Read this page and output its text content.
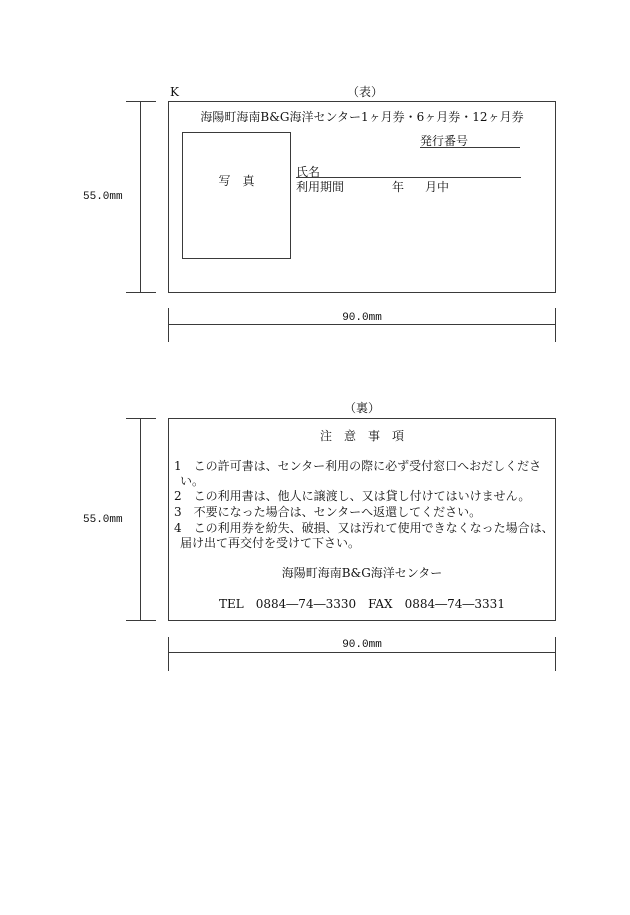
K	（表）
海陽町海南B&G海洋センター1ヶ月券・6ヶ月券・12ヶ月券
発行番号
写　真
氏名
利用期間	年 月中
55.0mm
90.0mm
（裏）
注　意　事　項
1　この許可書は、センター利用の際に必ず受付窓口へおだしくださ
い。
2　この利用書は、他人に譲渡し、又は貸し付けてはいけません。
3　不要になった場合は、センターへ返還してください。
4　この利用券を紛失、破損、又は汚れて使用できなくなった場合は、
届け出て再交付を受けて下さい。
海陽町海南B&G海洋センター
TEL　0884―74―3330　FAX　0884―74―3331
55.0mm
90.0mm
